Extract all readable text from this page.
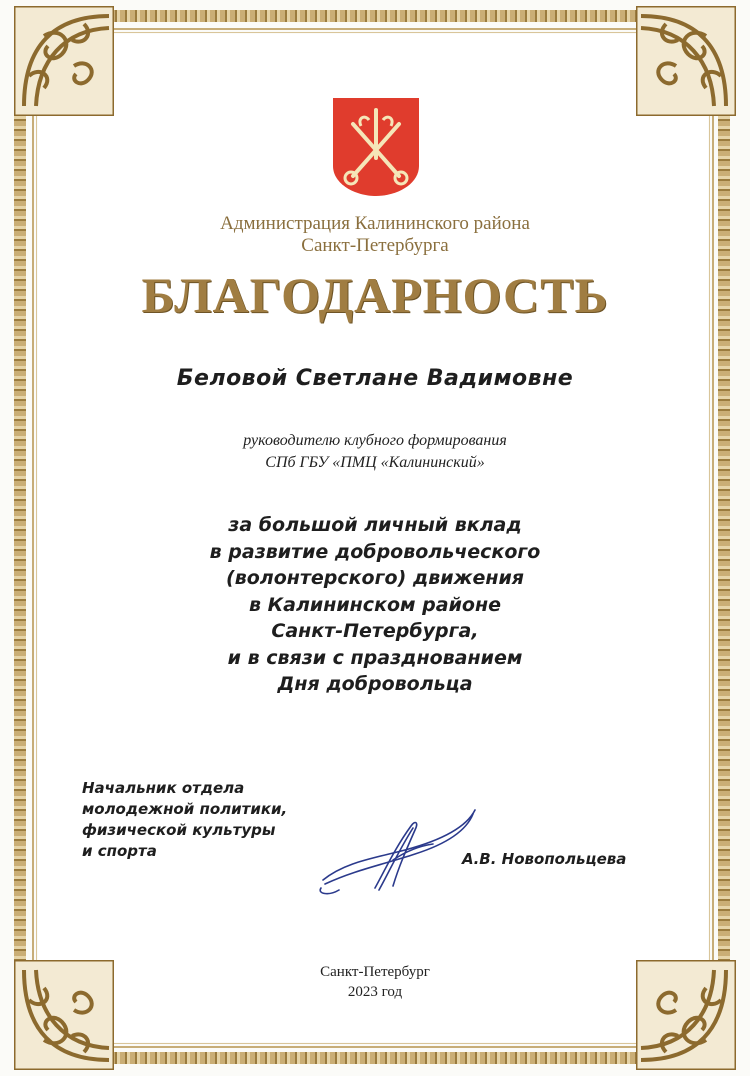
Администрация Калининского района
Санкт-Петербурга
БЛАГОДАРНОСТЬ
Беловой Светлане Вадимовне
руководителю клубного формирования
СПб ГБУ «ПМЦ «Калининский»
за большой личный вклад
в развитие добровольческого
(волонтерского) движения
в Калининском районе
Санкт-Петербурга,
и в связи с празднованием
Дня добровольца
Начальник отдела
молодежной политики,
физической культуры
и спорта	А.В. Новопольцева
Санкт-Петербург
2023 год
